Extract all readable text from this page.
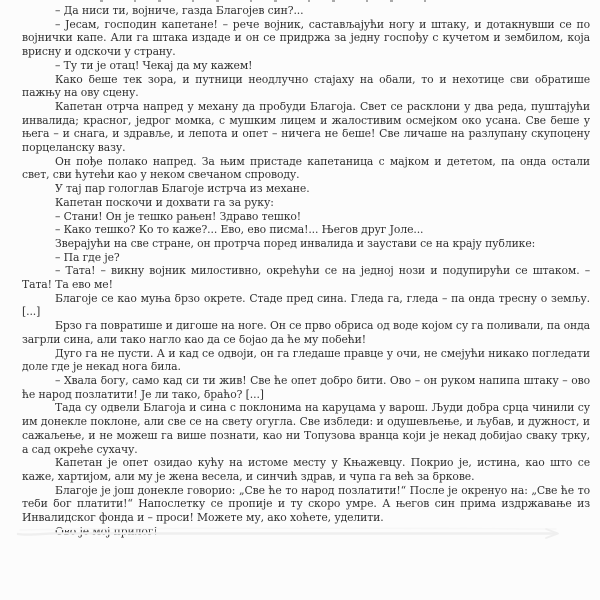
– Да ниси ти, војниче, газда Благојев син?...

– Јесам, господин капетане! – рече војник, састављајући ногу и штаку, и дотакнувши се по војнички капе. Али га штака издаде и он се придржа за једну госпођу с кучетом и зембилом, која врисну и одскочи у страну.

– Ту ти је отац! Чекај да му кажем!

Како беше тек зора, и путници неодлучно стајаху на обали, то и нехотице сви обратише пажњу на ову сцену.

Капетан отрча напред у механу да пробуди Благоја. Свет се расклони у два реда, пуштајући инвалида; красног, једрог момка, с мушким лицем и жалостивим осмејком око усана. Све беше у њега – и снага, и здравље, и лепота и опет – ничега не беше! Све личаше на разлупану скупоцену порцеланску вазу.

Он пође полако напред. За њим пристаде капетаница с мајком и дететом, па онда остали свет, сви ћутећи као у неком свечаном спроводу.

У тај пар гологлав Благоје истрча из механе.

Капетан поскочи и дохвати га за руку:

– Стани! Он је тешко рањен! Здраво тешко!

– Како тешко? Ко то каже?... Ево, ево писма!... Његов друг Јоле...

Зверајући на све стране, он протрча поред инвалида и заустави се на крају публике:

– Па где је?

– Тата! – викну војник милостивно, окрећући се на једној нози и подупирући се штаком. – Тата! Та ево ме!

Благоје се као муња брзо окрете. Стаде пред сина. Гледа га, гледа – па онда тресну о земљу. [...]

Брзо га повратише и дигоше на ноге. Он се прво обриса од воде којом су га поливали, па онда загрли сина, али тако нагло као да се бојао да ће му побећи!

Дуго га не пусти. А и кад се одвоји, он га гледаше правце у очи, не смејући никако погледати доле где је некад нога била.

– Хвала богу, само кад си ти жив! Све ће опет добро бити. Ово – он руком напипа штаку – ово ће народ позлатити! Је ли тако, браћо? [...]

Тада су одвели Благоја и сина с поклонима на каруцама у варош. Људи добра срца чинили су им донекле поклоне, али све се на свету огугла. Све избледи: и одушевљење, и љубав, и дужност, и сажаљење, и не можеш га више познати, као ни Топузова вранца који је некад добијао сваку трку, а сад окреће сухачу.

Капетан је опет озидао кућу на истоме месту у Књажевцу. Покрио је, истина, као што се каже, хартијом, али му је жена весела, и синчић здрав, и чупа га већ за бркове.

Благоје је још донекле говорио: „Све ће то народ позлатити!“ После је окренуо на: „Све ће то теби бог платити!“ Напослетку се пропије и ту скоро умре. А његов син прима издржавање из Инвалидског фонда и – проси! Можете му, ако хоћете, уделити.

Ово је мој прилог!
